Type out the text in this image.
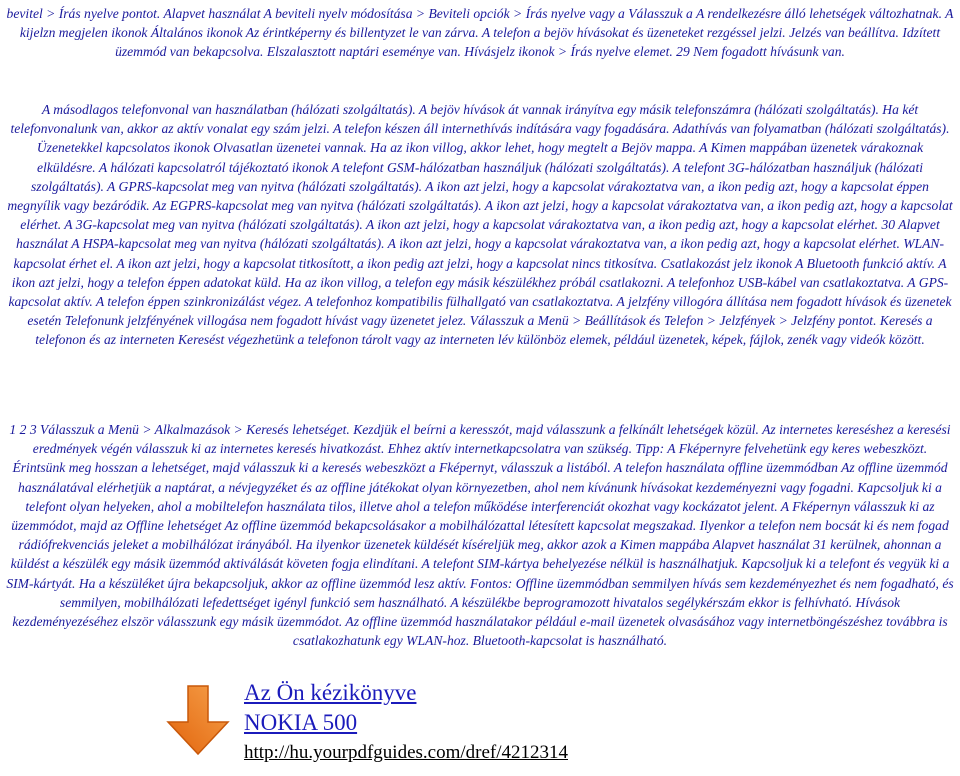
bevitel > Írás nyelve pontot. Alapvet használat A beviteli nyelv módosítása > Beviteli opciók > Írás nyelve vagy a Válasszuk a A rendelkezésre álló lehetségek változhatnak. A kijelzn megjelen ikonok Általános ikonok Az érintképerny és billentyzet le van zárva. A telefon a bejöv hívásokat és üzeneteket rezgéssel jelzi. Jelzés van beállítva. Idzített üzemmód van bekapcsolva. Elszalasztott naptári eseménye van. Hívásjelz ikonok > Írás nyelve elemet. 29 Nem fogadott hívásunk van.

A másodlagos telefonvonal van használatban (hálózati szolgáltatás). A bejöv hívások át vannak irányítva egy másik telefonszámra (hálózati szolgáltatás). Ha két telefonvonalunk van, akkor az aktív vonalat egy szám jelzi. A telefon készen áll internethívás indítására vagy fogadására. Adathívás van folyamatban (hálózati szolgáltatás). Üzenetekkel kapcsolatos ikonok Olvasatlan üzenetei vannak. Ha az ikon villog, akkor lehet, hogy megtelt a Bejöv mappa. A Kimen mappában üzenetek várakoznak elküldésre. A hálózati kapcsolatról tájékoztató ikonok A telefont GSM-hálózatban használjuk (hálózati szolgáltatás). A telefont 3G-hálózatban használjuk (hálózati szolgáltatás). A GPRS-kapcsolat meg van nyitva (hálózati szolgáltatás). A ikon azt jelzi, hogy a kapcsolat várakoztatva van, a ikon pedig azt, hogy a kapcsolat éppen megnyílik vagy bezáródik. Az EGPRS-kapcsolat meg van nyitva (hálózati szolgáltatás). A ikon azt jelzi, hogy a kapcsolat várakoztatva van, a ikon pedig azt, hogy a kapcsolat elérhet. A 3G-kapcsolat meg van nyitva (hálózati szolgáltatás). A ikon azt jelzi, hogy a kapcsolat várakoztatva van, a ikon pedig azt, hogy a kapcsolat elérhet. 30 Alapvet használat A HSPA-kapcsolat meg van nyitva (hálózati szolgáltatás). A ikon azt jelzi, hogy a kapcsolat várakoztatva van, a ikon pedig azt, hogy a kapcsolat elérhet. WLAN-kapcsolat érhet el. A ikon azt jelzi, hogy a kapcsolat titkosított, a ikon pedig azt jelzi, hogy a kapcsolat nincs titkosítva. Csatlakozást jelz ikonok A Bluetooth funkció aktív. A ikon azt jelzi, hogy a telefon éppen adatokat küld. Ha az ikon villog, a telefon egy másik készülékhez próbál csatlakozni. A telefonhoz USB-kábel van csatlakoztatva. A GPS-kapcsolat aktív. A telefon éppen szinkronizálást végez. A telefonhoz kompatibilis fülhallgató van csatlakoztatva. A jelzfény villogóra állítása nem fogadott hívások és üzenetek esetén Telefonunk jelzfényének villogása nem fogadott hívást vagy üzenetet jelez. Válasszuk a Menü > Beállítások és Telefon > Jelzfények > Jelzfény pontot. Keresés a telefonon és az interneten Keresést végezhetünk a telefonon tárolt vagy az interneten lév különböz elemek, például üzenetek, képek, fájlok, zenék vagy videók között.

1 2 3 Válasszuk a Menü > Alkalmazások > Keresés lehetséget. Kezdjük el beírni a keresszót, majd válasszunk a felkínált lehetségek közül. Az internetes kereséshez a keresési eredmények végén válasszuk ki az internetes keresés hivatkozást. Ehhez aktív internetkapcsolatra van szükség. Tipp: A Fképernyre felvehetünk egy keres webeszközt. Érintsünk meg hosszan a lehetséget, majd válasszuk ki a keresés webeszközt a Fképernyt, válasszuk a listából. A telefon használata offline üzemmódban Az offline üzemmód használatával elérhetjük a naptárat, a névjegyzéket és az offline játékokat olyan környezetben, ahol nem kívánunk hívásokat kezdeményezni vagy fogadni. Kapcsoljuk ki a telefont olyan helyeken, ahol a mobiltelefon használata tilos, illetve ahol a telefon működése interferenciát okozhat vagy kockázatot jelent. A Fképernyn válasszuk ki az üzemmódot, majd az Offline lehetséget Az offline üzemmód bekapcsolásakor a mobilhálózattal létesített kapcsolat megszakad. Ilyenkor a telefon nem bocsát ki és nem fogad rádiófrekvenciás jeleket a mobilhálózat irányából. Ha ilyenkor üzenetek küldését kíséreljük meg, akkor azok a Kimen mappába Alapvet használat 31 kerülnek, ahonnan a küldést a készülék egy másik üzemmód aktiválását követen fogja elindítani. A telefont SIM-kártya behelyezése nélkül is használhatjuk. Kapcsoljuk ki a telefont és vegyük ki a SIM-kártyát. Ha a készüléket újra bekapcsoljuk, akkor az offline üzemmód lesz aktív. Fontos: Offline üzemmódban semmilyen hívás sem kezdeményezhet és nem fogadható, és semmilyen, mobilhálózati lefedettséget igényl funkció sem használható. A készülékbe beprogramozott hivatalos segélykérszám ekkor is felhívható. Hívások kezdeményezéséhez elször válasszunk egy másik üzemmódot. Az offline üzemmód használatakor például e-mail üzenetek olvasásához vagy internetböngészéshez továbbra is csatlakozhatunk egy WLAN-hoz. Bluetooth-kapcsolat is használható.

Az Ön kézikönyve
NOKIA 500
http://hu.yourpdfguides.com/dref/4212314
